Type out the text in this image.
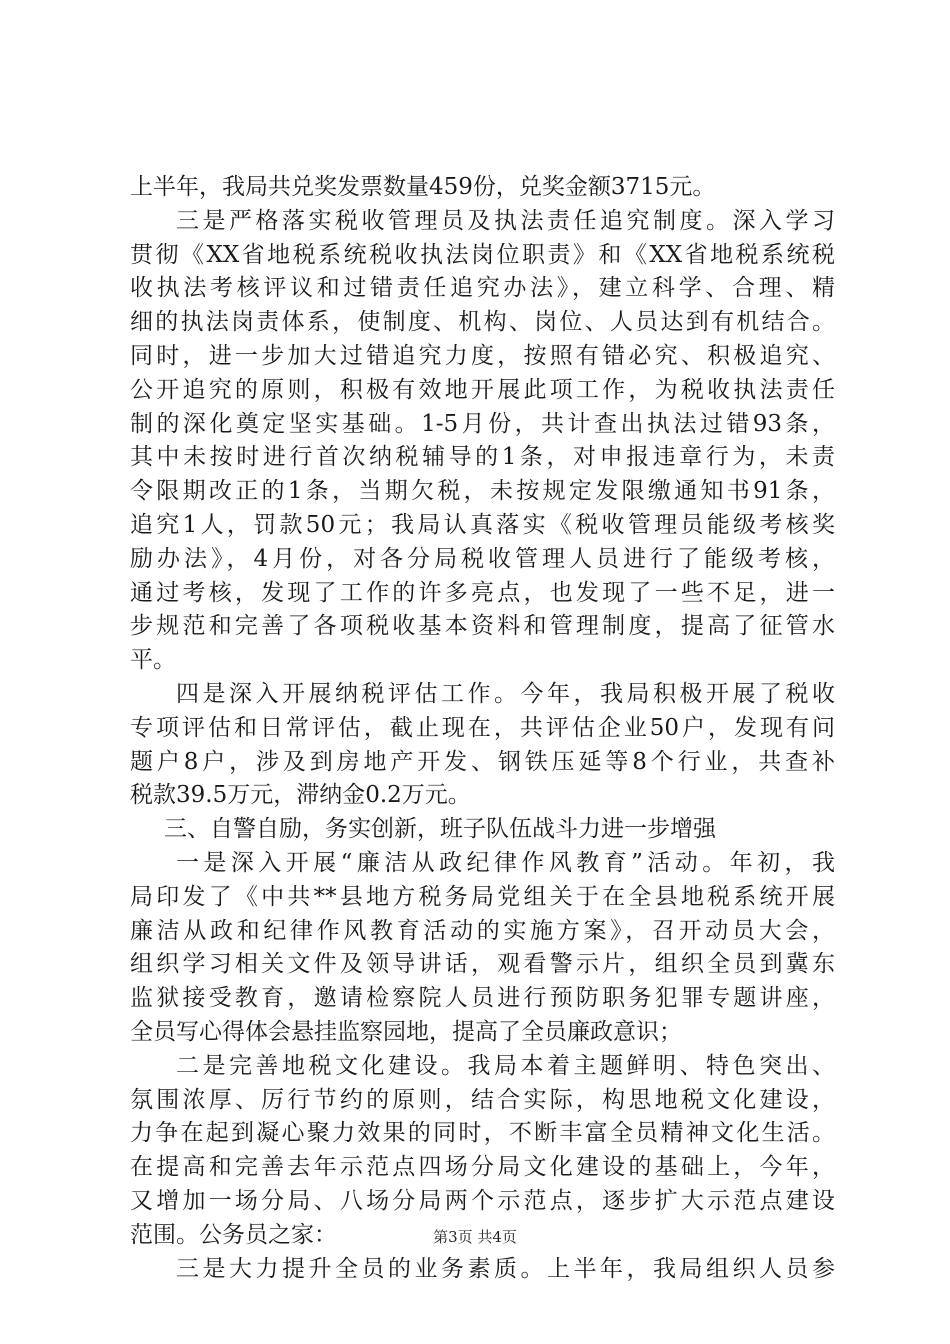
上半年，我局共兑奖发票数量459份，兑奖金额3715元。
三是严格落实税收管理员及执法责任追究制度。深入学习
贯彻《XX省地税系统税收执法岗位职责》和《XX省地税系统税
收执法考核评议和过错责任追究办法》，建立科学、合理、精
细的执法岗责体系，使制度、机构、岗位、人员达到有机结合。
同时，进一步加大过错追究力度，按照有错必究、积极追究、
公开追究的原则，积极有效地开展此项工作，为税收执法责任
制的深化奠定坚实基础。1-5月份，共计查出执法过错93条，
其中未按时进行首次纳税辅导的1条，对申报违章行为，未责
令限期改正的1条，当期欠税，未按规定发限缴通知书91条，
追究1人，罚款50元；我局认真落实《税收管理员能级考核奖
励办法》，4月份，对各分局税收管理人员进行了能级考核，
通过考核，发现了工作的许多亮点，也发现了一些不足，进一
步规范和完善了各项税收基本资料和管理制度，提高了征管水
平。
四是深入开展纳税评估工作。今年，我局积极开展了税收
专项评估和日常评估，截止现在，共评估企业50户，发现有问
题户8户，涉及到房地产开发、钢铁压延等8个行业，共查补
税款39.5万元，滞纳金0.2万元。
三、自警自励，务实创新，班子队伍战斗力进一步增强
一是深入开展“廉洁从政纪律作风教育”活动。年初，我
局印发了《中共**县地方税务局党组关于在全县地税系统开展
廉洁从政和纪律作风教育活动的实施方案》，召开动员大会，
组织学习相关文件及领导讲话，观看警示片，组织全员到冀东
监狱接受教育，邀请检察院人员进行预防职务犯罪专题讲座，
全员写心得体会悬挂监察园地，提高了全员廉政意识；
二是完善地税文化建设。我局本着主题鲜明、特色突出、
氛围浓厚、厉行节约的原则，结合实际，构思地税文化建设，
力争在起到凝心聚力效果的同时，不断丰富全员精神文化生活。
在提高和完善去年示范点四场分局文化建设的基础上，今年，
又增加一场分局、八场分局两个示范点，逐步扩大示范点建设
范围。公务员之家：
三是大力提升全员的业务素质。上半年，我局组织人员参
第3页 共4页
